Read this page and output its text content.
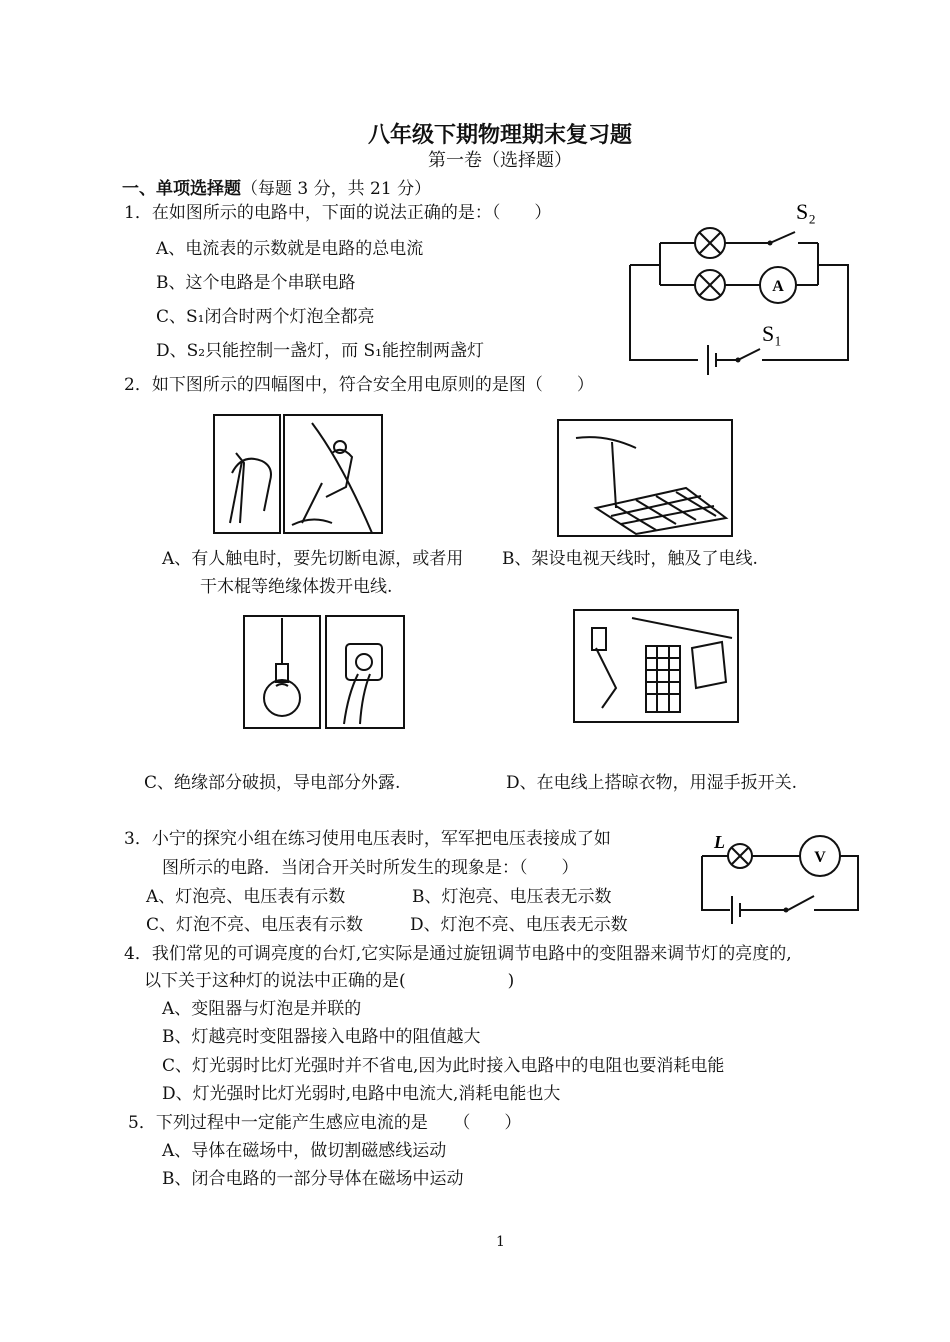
八年级下期物理期末复习题
第一卷（选择题）
一、单项选择题（每题 3 分，共 21 分）
1．在如图所示的电路中，下面的说法正确的是：（　　）
A、电流表的示数就是电路的总电流
B、这个电路是个串联电路
C、S₁闭合时两个灯泡全都亮
D、S₂只能控制一盏灯，而 S₁能控制两盏灯
A
S₂
S₁
2．如下图所示的四幅图中，符合安全用电原则的是图（　　）
A、有人触电时，要先切断电源，或者用 B、架设电视天线时，触及了电线.
干木棍等绝缘体拨开电线.
C、绝缘部分破损，导电部分外露.	D、在电线上搭晾衣物，用湿手扳开关.
3．小宁的探究小组在练习使用电压表时，军军把电压表接成了如
图所示的电路．当闭合开关时所发生的现象是：（　　）
A、灯泡亮、电压表有示数	B、灯泡亮、电压表无示数
C、灯泡不亮、电压表有示数	D、灯泡不亮、电压表无示数
V
L
4．我们常见的可调亮度的台灯,它实际是通过旋钮调节电路中的变阻器来调节灯的亮度的,
以下关于这种灯的说法中正确的是(　　　　　　)
A、变阻器与灯泡是并联的
B、灯越亮时变阻器接入电路中的阻值越大
C、灯光弱时比灯光强时并不省电,因为此时接入电路中的电阻也要消耗电能
D、灯光强时比灯光弱时,电路中电流大,消耗电能也大
5．下列过程中一定能产生感应电流的是　　（　　）
A、导体在磁场中，做切割磁感线运动
B、闭合电路的一部分导体在磁场中运动
1
